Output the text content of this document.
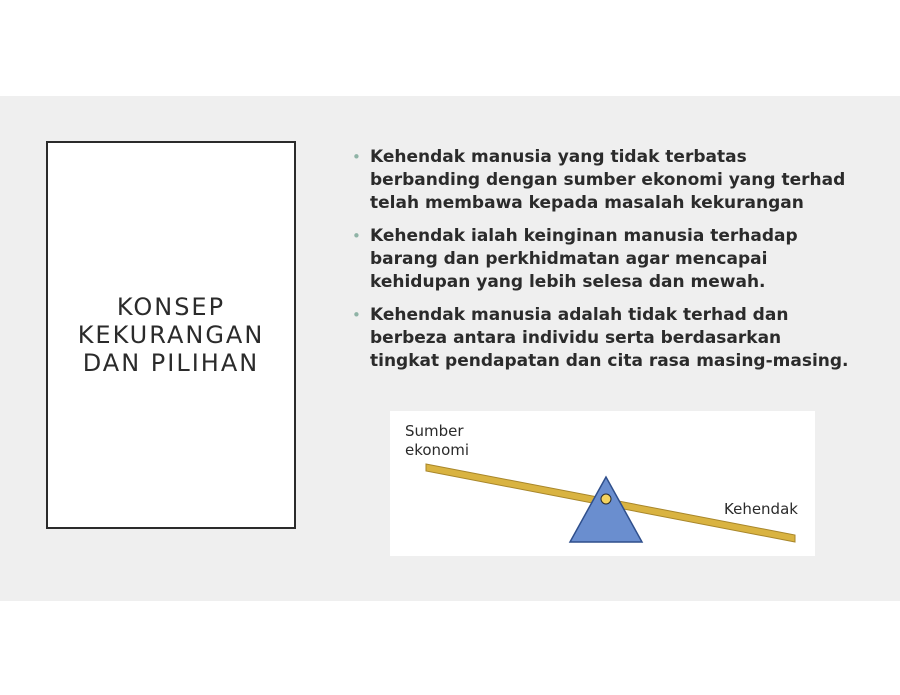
KONSEP KEKURANGAN DAN PILIHAN
• Kehendak manusia yang tidak terbatas berbanding dengan sumber ekonomi yang terhad telah membawa kepada masalah kekurangan
• Kehendak ialah keinginan manusia terhadap barang dan perkhidmatan agar mencapai kehidupan yang lebih selesa dan mewah.
• Kehendak manusia adalah tidak terhad dan berbeza antara individu serta berdasarkan tingkat pendapatan dan cita rasa masing-masing.
Sumber
ekonomi
Kehendak
